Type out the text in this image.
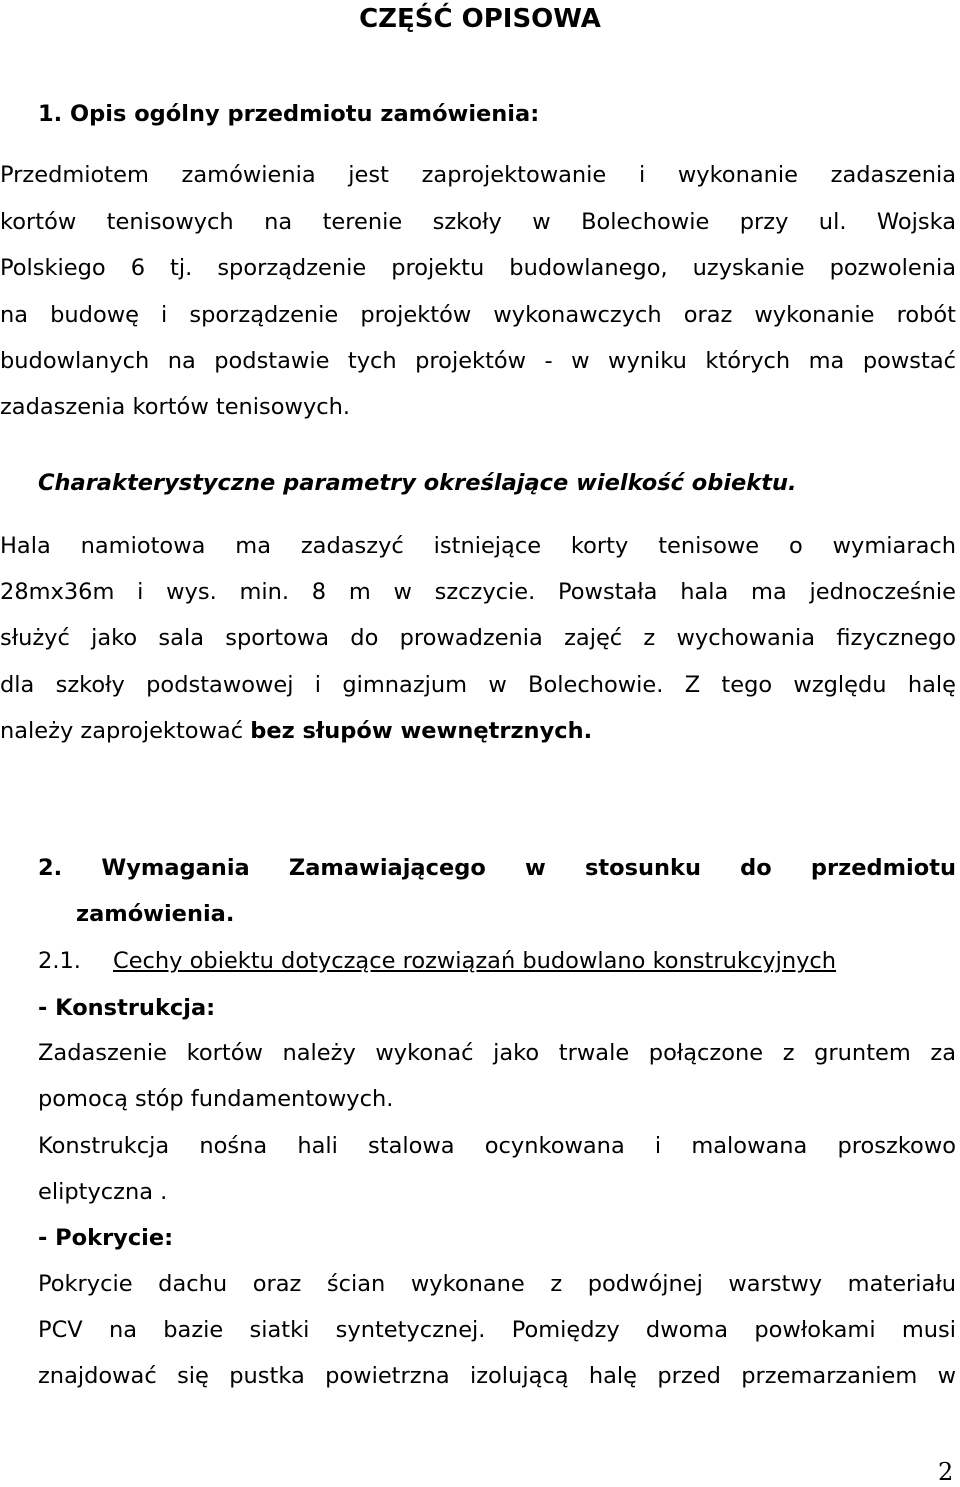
CZĘŚĆ OPISOWA
1. Opis ogólny przedmiotu zamówienia:
Przedmiotem zamówienia jest zaprojektowanie i wykonanie zadaszenia
kortów tenisowych na terenie szkoły w Bolechowie przy ul. Wojska
Polskiego 6 tj. sporządzenie projektu budowlanego, uzyskanie pozwolenia
na budowę i sporządzenie projektów wykonawczych oraz wykonanie robót
budowlanych na podstawie tych projektów - w wyniku których ma powstać
zadaszenia kortów tenisowych.
Charakterystyczne parametry określające wielkość obiektu.
Hala namiotowa ma zadaszyć istniejące korty tenisowe o wymiarach
28mx36m i wys. min. 8 m w szczycie. Powstała hala ma jednocześnie
służyć jako sala sportowa do prowadzenia zajęć z wychowania fizycznego
dla szkoły podstawowej i gimnazjum w Bolechowie. Z tego względu halę
należy zaprojektować bez słupów wewnętrznych.
2. Wymagania Zamawiającego w stosunku do przedmiotu
zamówienia.
2.1. Cechy obiektu dotyczące rozwiązań budowlano konstrukcyjnych
- Konstrukcja:
Zadaszenie kortów należy wykonać jako trwale połączone z gruntem za
pomocą stóp fundamentowych.
Konstrukcja nośna hali stalowa ocynkowana i malowana proszkowo
eliptyczna .
- Pokrycie:
Pokrycie dachu oraz ścian wykonane z podwójnej warstwy materiału
PCV na bazie siatki syntetycznej. Pomiędzy dwoma powłokami musi
znajdować się pustka powietrzna izolującą halę przed przemarzaniem w
2
